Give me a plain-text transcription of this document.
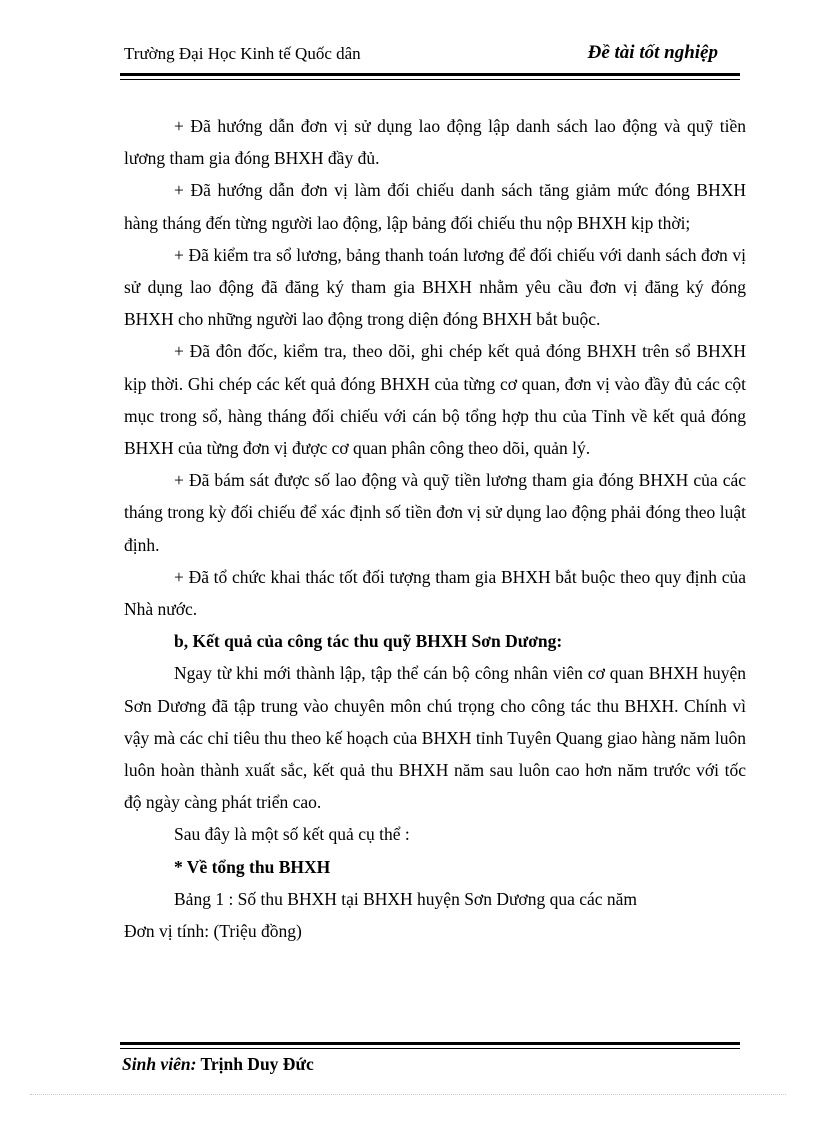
Trường Đại Học Kinh tế Quốc dân	Đề tài tốt nghiệp

+ Đã hướng dẫn đơn vị sử dụng lao động lập danh sách lao động và quỹ tiền lương tham gia đóng BHXH đầy đủ.

+ Đã hướng dẫn đơn vị làm đối chiếu danh sách tăng giảm mức đóng BHXH hàng tháng đến từng người lao động, lập bảng đối chiếu thu nộp BHXH kịp thời;

+ Đã kiểm tra sổ lương, bảng thanh toán lương để đối chiếu với danh sách đơn vị sử dụng lao động đã đăng ký tham gia BHXH nhằm yêu cầu đơn vị đăng ký đóng BHXH cho những người lao động trong diện đóng BHXH bắt buộc.

+ Đã đôn đốc, kiểm tra, theo dõi, ghi chép kết quả đóng BHXH trên sổ BHXH kịp thời. Ghi chép các kết quả đóng BHXH của từng cơ quan, đơn vị vào đầy đủ các cột mục trong sổ, hàng tháng đối chiếu với cán bộ tổng hợp thu của Tỉnh về kết quả đóng BHXH của từng đơn vị được cơ quan phân công theo dõi, quản lý.

+ Đã bám sát được số lao động và quỹ tiền lương tham gia đóng BHXH của các tháng trong kỳ đối chiếu để xác định số tiền đơn vị sử dụng lao động phải đóng theo luật định.

+ Đã tổ chức khai thác tốt đối tượng tham gia BHXH bắt buộc theo quy định của Nhà nước.

b, Kết quả của công tác thu quỹ BHXH Sơn Dương:

Ngay từ khi mới thành lập, tập thể cán bộ công nhân viên cơ quan BHXH huyện Sơn Dương đã tập trung vào chuyên môn chú trọng cho công tác thu BHXH. Chính vì vậy mà các chỉ tiêu thu theo kế hoạch của BHXH tỉnh Tuyên Quang giao hàng năm luôn luôn hoàn thành xuất sắc, kết quả thu BHXH năm sau luôn cao hơn năm trước với tốc độ ngày càng phát triển cao.

Sau đây là một số kết quả cụ thể :

* Về tổng thu BHXH

Bảng 1 : Số thu BHXH tại BHXH huyện Sơn Dương qua các năm

Đơn vị tính: (Triệu đồng)

Sinh viên: Trịnh Duy Đức
